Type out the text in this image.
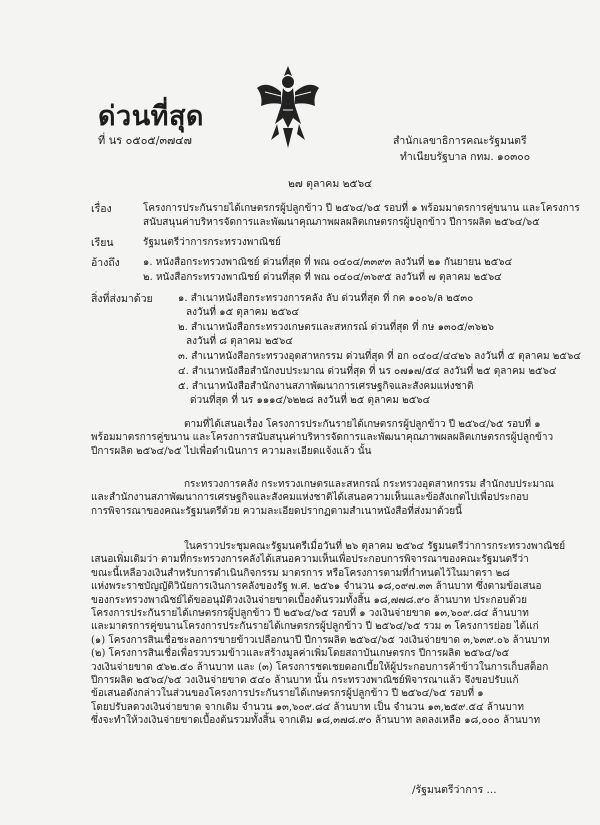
ด่วนที่สุด
ที่ นร ๐๕๐๕/๓๗๔๗	สำนักเลขาธิการคณะรัฐมนตรี
ทำเนียบรัฐบาล กทม. ๑๐๓๐๐
๒๗ ตุลาคม ๒๕๖๔
เรื่อง	โครงการประกันรายได้เกษตรกรผู้ปลูกข้าว ปี ๒๕๖๔/๖๕ รอบที่ ๑ พร้อมมาตรการคู่ขนาน และโครงการ
สนับสนุนค่าบริหารจัดการและพัฒนาคุณภาพผลผลิตเกษตรกรผู้ปลูกข้าว ปีการผลิต ๒๕๖๔/๖๕
เรียน	รัฐมนตรีว่าการกระทรวงพาณิชย์
อ้างถึง ๑. หนังสือกระทรวงพาณิชย์ ด่วนที่สุด ที่ พณ ๐๔๐๔/๓๓๙๓ ลงวันที่ ๒๑ กันยายน ๒๕๖๔
๒. หนังสือกระทรวงพาณิชย์ ด่วนที่สุด ที่ พณ ๐๔๐๔/๓๖๙๕ ลงวันที่ ๗ ตุลาคม ๒๕๖๔
สิ่งที่ส่งมาด้วย	๑. สำเนาหนังสือกระทรวงการคลัง ลับ ด่วนที่สุด ที่ กค ๑๐๐๖/ล ๒๕๓๐
ลงวันที่ ๑๕ ตุลาคม ๒๕๖๔
๒. สำเนาหนังสือกระทรวงเกษตรและสหกรณ์ ด่วนที่สุด ที่ กษ ๑๓๐๕/๓๖๒๖
ลงวันที่ ๘ ตุลาคม ๒๕๖๔
๓. สำเนาหนังสือกระทรวงอุตสาหกรรม ด่วนที่สุด ที่ อก ๐๔๐๔/๔๔๒๖ ลงวันที่ ๕ ตุลาคม ๒๕๖๔
๔. สำเนาหนังสือสำนักงบประมาณ ด่วนที่สุด ที่ นร ๐๗๑๗/๕๔ ลงวันที่ ๒๕ ตุลาคม ๒๕๖๔
๕. สำเนาหนังสือสำนักงานสภาพัฒนาการเศรษฐกิจและสังคมแห่งชาติ
ด่วนที่สุด ที่ นร ๑๑๑๔/๖๒๒๘ ลงวันที่ ๒๕ ตุลาคม ๒๕๖๔

ตามที่ได้เสนอเรื่อง โครงการประกันรายได้เกษตรกรผู้ปลูกข้าว ปี ๒๕๖๔/๖๕ รอบที่ ๑

พร้อมมาตรการคู่ขนาน และโครงการสนับสนุนค่าบริหารจัดการและพัฒนาคุณภาพผลผลิตเกษตรกรผู้ปลูกข้าว

ปีการผลิต ๒๕๖๔/๖๕ ไปเพื่อดำเนินการ ความละเอียดแจ้งแล้ว นั้น

กระทรวงการคลัง กระทรวงเกษตรและสหกรณ์ กระทรวงอุตสาหกรรม สำนักงบประมาณ

และสำนักงานสภาพัฒนาการเศรษฐกิจและสังคมแห่งชาติได้เสนอความเห็นและข้อสังเกตไปเพื่อประกอบ

การพิจารณาของคณะรัฐมนตรีด้วย ความละเอียดปรากฏตามสำเนาหนังสือที่ส่งมาด้วยนี้

ในคราวประชุมคณะรัฐมนตรีเมื่อวันที่ ๒๖ ตุลาคม ๒๕๖๔ รัฐมนตรีว่าการกระทรวงพาณิชย์

เสนอเพิ่มเติมว่า ตามที่กระทรวงการคลังได้เสนอความเห็นเพื่อประกอบการพิจารณาของคณะรัฐมนตรีว่า

ขณะนี้เหลือวงเงินสำหรับการดำเนินกิจกรรม มาตรการ หรือโครงการตามที่กำหนดไว้ในมาตรา ๒๘

แห่งพระราชบัญญัติวินัยการเงินการคลังของรัฐ พ.ศ. ๒๕๖๑ จำนวน ๑๘,๐๙๗.๓๓ ล้านบาท ซึ่งตามข้อเสนอ

ของกระทรวงพาณิชย์ได้ขออนุมัติวงเงินจ่ายขาดเบื้องต้นรวมทั้งสิ้น ๑๘,๗๗๘.๙๐ ล้านบาท ประกอบด้วย

โครงการประกันรายได้เกษตรกรผู้ปลูกข้าว ปี ๒๕๖๔/๖๕ รอบที่ ๑ วงเงินจ่ายขาด ๑๓,๖๐๙.๘๔ ล้านบาท

และมาตรการคู่ขนานโครงการประกันรายได้เกษตรกรผู้ปลูกข้าว ปี ๒๕๖๔/๖๕ รวม ๓ โครงการย่อย ได้แก่

(๑) โครงการสินเชื่อชะลอการขายข้าวเปลือกนาปี ปีการผลิต ๒๕๖๔/๖๕ วงเงินจ่ายขาด ๓,๖๓๙.๐๖ ล้านบาท

(๒) โครงการสินเชื่อเพื่อรวบรวมข้าวและสร้างมูลค่าเพิ่มโดยสถาบันเกษตรกร ปีการผลิต ๒๕๖๔/๖๕

วงเงินจ่ายขาด ๕๖๒.๕๐ ล้านบาท และ (๓) โครงการชดเชยดอกเบี้ยให้ผู้ประกอบการค้าข้าวในการเก็บสต็อก

ปีการผลิต ๒๕๖๔/๖๕ วงเงินจ่ายขาด ๕๔๐ ล้านบาท นั้น กระทรวงพาณิชย์พิจารณาแล้ว จึงขอปรับแก้

ข้อเสนอดังกล่าวในส่วนของโครงการประกันรายได้เกษตรกรผู้ปลูกข้าว ปี ๒๕๖๔/๖๕ รอบที่ ๑

โดยปรับลดวงเงินจ่ายขาด จากเดิม จำนวน ๑๓,๖๐๙.๘๔ ล้านบาท เป็น จำนวน ๑๓,๒๕๙.๕๔ ล้านบาท

ซึ่งจะทำให้วงเงินจ่ายขาดเบื้องต้นรวมทั้งสิ้น จากเดิม ๑๘,๓๗๘.๙๐ ล้านบาท ลดลงเหลือ ๑๘,๐๐๐ ล้านบาท

/รัฐมนตรีว่าการ ...
